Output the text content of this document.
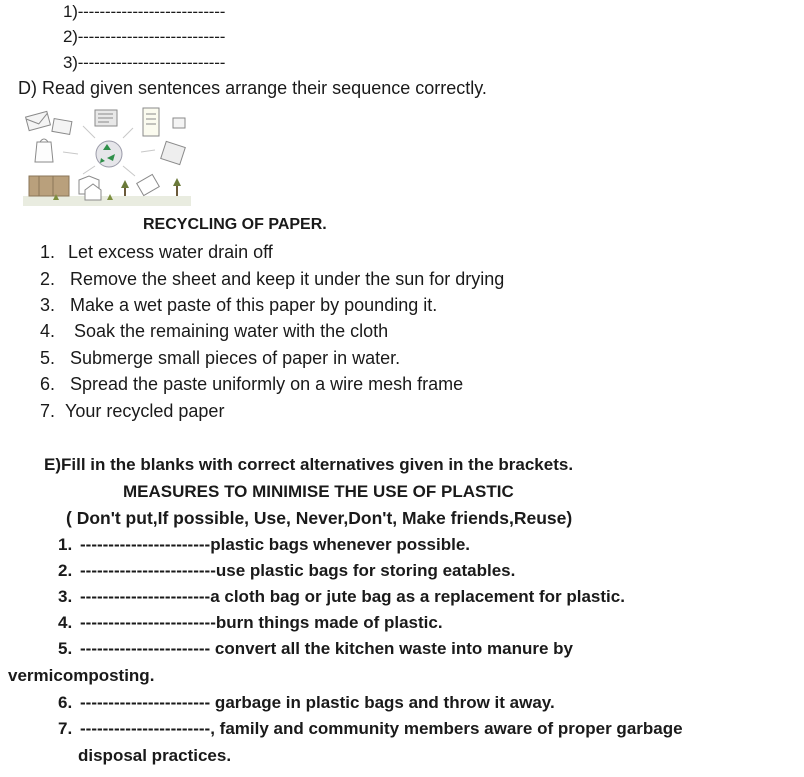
1)---------------------------
2)---------------------------
3)---------------------------
D) Read given sentences arrange their sequence correctly.
RECYCLING OF PAPER.
1. Let excess water drain off
2. Remove the sheet and keep it under the sun for drying
3. Make a wet paste of this paper by pounding it.
4. Soak the remaining water with the cloth
5. Submerge small pieces of paper in water.
6. Spread the paste uniformly on a wire mesh frame
7. Your recycled paper
E)Fill in the blanks with correct alternatives given in the brackets.
MEASURES TO MINIMISE THE USE OF PLASTIC
( Don't put,If possible, Use, Never,Don't, Make friends,Reuse)
1. -----------------------plastic bags whenever possible.
2. ------------------------use plastic bags for storing eatables.
3. -----------------------a cloth bag or jute bag as a replacement for plastic.
4. ------------------------burn things made of plastic.
5. ----------------------- convert all the kitchen waste into manure by
vermicomposting.
6. ----------------------- garbage in plastic bags and throw it away.
7. -----------------------, family and community members aware of proper garbage
disposal practices.
